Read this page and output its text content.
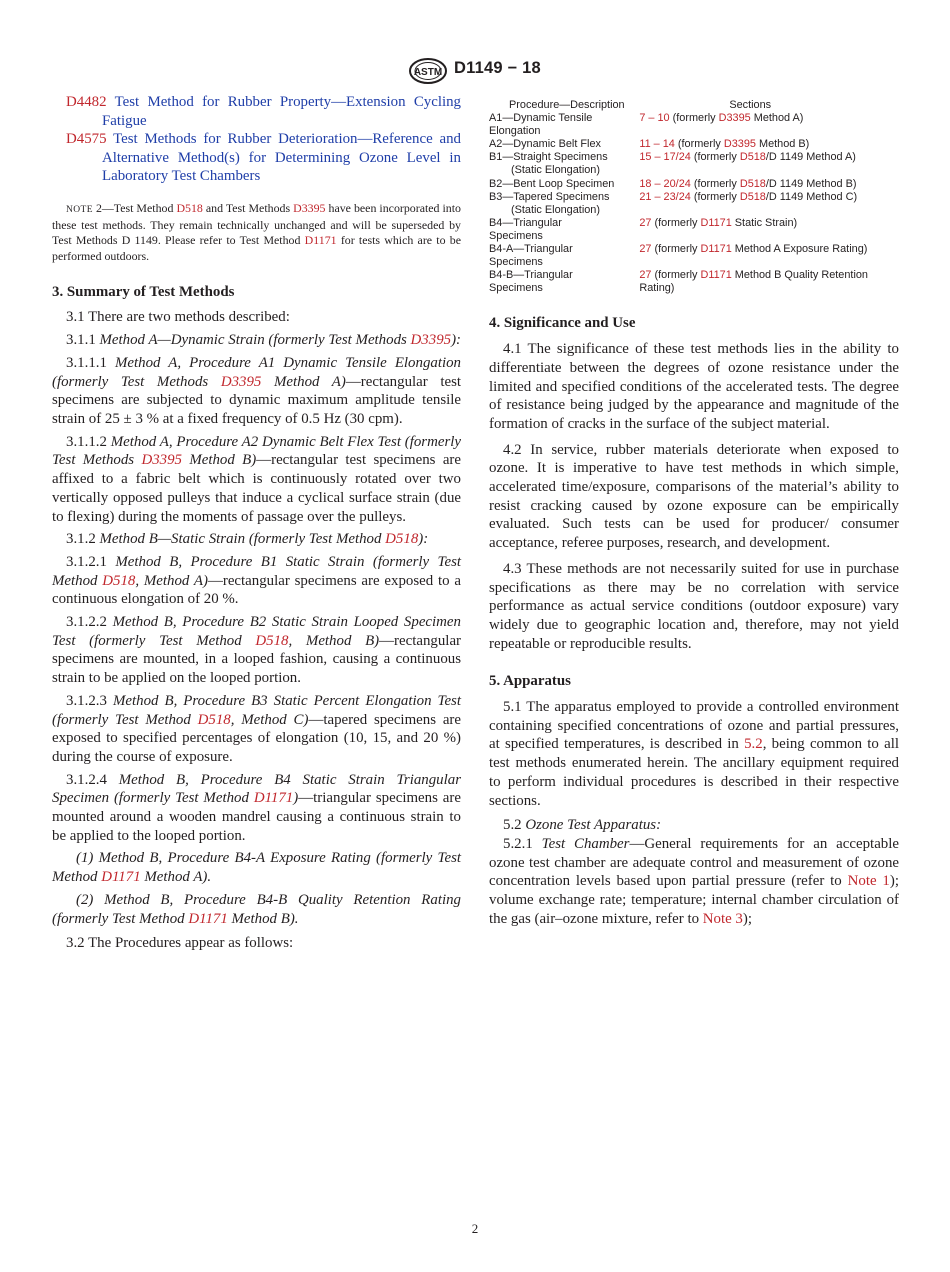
ASTM D1149 − 18
D4482 Test Method for Rubber Property—Extension Cycling Fatigue
D4575 Test Methods for Rubber Deterioration—Reference and Alternative Method(s) for Determining Ozone Level in Laboratory Test Chambers

NOTE 2—Test Method D518 and Test Methods D3395 have been incorporated into these test methods. They remain technically unchanged and will be superseded by Test Methods D 1149. Please refer to Test Method D1171 for tests which are to be performed outdoors.

3. Summary of Test Methods

3.1 There are two methods described:

3.1.1 Method A—Dynamic Strain (formerly Test Methods D3395):

3.1.1.1 Method A, Procedure A1 Dynamic Tensile Elongation (formerly Test Methods D3395 Method A)—rectangular test specimens are subjected to dynamic maximum amplitude tensile strain of 25 ± 3 % at a fixed frequency of 0.5 Hz (30 cpm).

3.1.1.2 Method A, Procedure A2 Dynamic Belt Flex Test (formerly Test Methods D3395 Method B)—rectangular test specimens are affixed to a fabric belt which is continuously rotated over two vertically opposed pulleys that induce a cyclical surface strain (due to flexing) during the moments of passage over the pulleys.

3.1.2 Method B—Static Strain (formerly Test Method D518):

3.1.2.1 Method B, Procedure B1 Static Strain (formerly Test Method D518, Method A)—rectangular specimens are exposed to a continuous elongation of 20 %.

3.1.2.2 Method B, Procedure B2 Static Strain Looped Specimen Test (formerly Test Method D518, Method B)—rectangular specimens are mounted, in a looped fashion, causing a continuous strain to be applied on the looped portion.

3.1.2.3 Method B, Procedure B3 Static Percent Elongation Test (formerly Test Method D518, Method C)—tapered specimens are exposed to specified percentages of elongation (10, 15, and 20 %) during the course of exposure.

3.1.2.4 Method B, Procedure B4 Static Strain Triangular Specimen (formerly Test Method D1171)—triangular specimens are mounted around a wooden mandrel causing a continuous strain to be applied to the looped portion.

(1) Method B, Procedure B4-A Exposure Rating (formerly Test Method D1171 Method A).

(2) Method B, Procedure B4-B Quality Retention Rating (formerly Test Method D1171 Method B).

3.2 The Procedures appear as follows:

Procedure—Description	Sections
A1—Dynamic Tensile
Elongation	7 – 10 (formerly D3395 Method A)
A2—Dynamic Belt Flex	11 – 14 (formerly D3395 Method B)
B1—Straight Specimens
(Static Elongation)	15 – 17/24 (formerly D518/D 1149 Method A)
B2—Bent Loop Specimen	18 – 20/24 (formerly D518/D 1149 Method B)
B3—Tapered Specimens
(Static Elongation)	21 – 23/24 (formerly D518/D 1149 Method C)
B4—Triangular Specimens	27 (formerly D1171 Static Strain)
B4-A—Triangular Specimens	27 (formerly D1171 Method A Exposure Rating)
B4-B—Triangular Specimens	27 (formerly D1171 Method B Quality Retention Rating)
4. Significance and Use

4.1 The significance of these test methods lies in the ability to differentiate between the degrees of ozone resistance under the limited and specified conditions of the accelerated tests. The degree of resistance being judged by the appearance and magnitude of the formation of cracks in the surface of the subject material.

4.2 In service, rubber materials deteriorate when exposed to ozone. It is imperative to have test methods in which simple, accelerated time/exposure, comparisons of the material’s ability to resist cracking caused by ozone exposure can be empirically evaluated. Such tests can be used for producer/ consumer acceptance, referee purposes, research, and development.

4.3 These methods are not necessarily suited for use in purchase specifications as there may be no correlation with service performance as actual service conditions (outdoor exposure) vary widely due to geographic location and, therefore, may not yield repeatable or reproducible results.

5. Apparatus

5.1 The apparatus employed to provide a controlled environment containing specified concentrations of ozone and partial pressures, at specified temperatures, is described in 5.2, being common to all test methods enumerated herein. The ancillary equipment required to perform individual procedures is described in their respective sections.

5.2 Ozone Test Apparatus:

5.2.1 Test Chamber—General requirements for an acceptable ozone test chamber are adequate control and measurement of ozone concentration levels based upon partial pressure (refer to Note 1); volume exchange rate; temperature; internal chamber circulation of the gas (air–ozone mixture, refer to Note 3);

2
